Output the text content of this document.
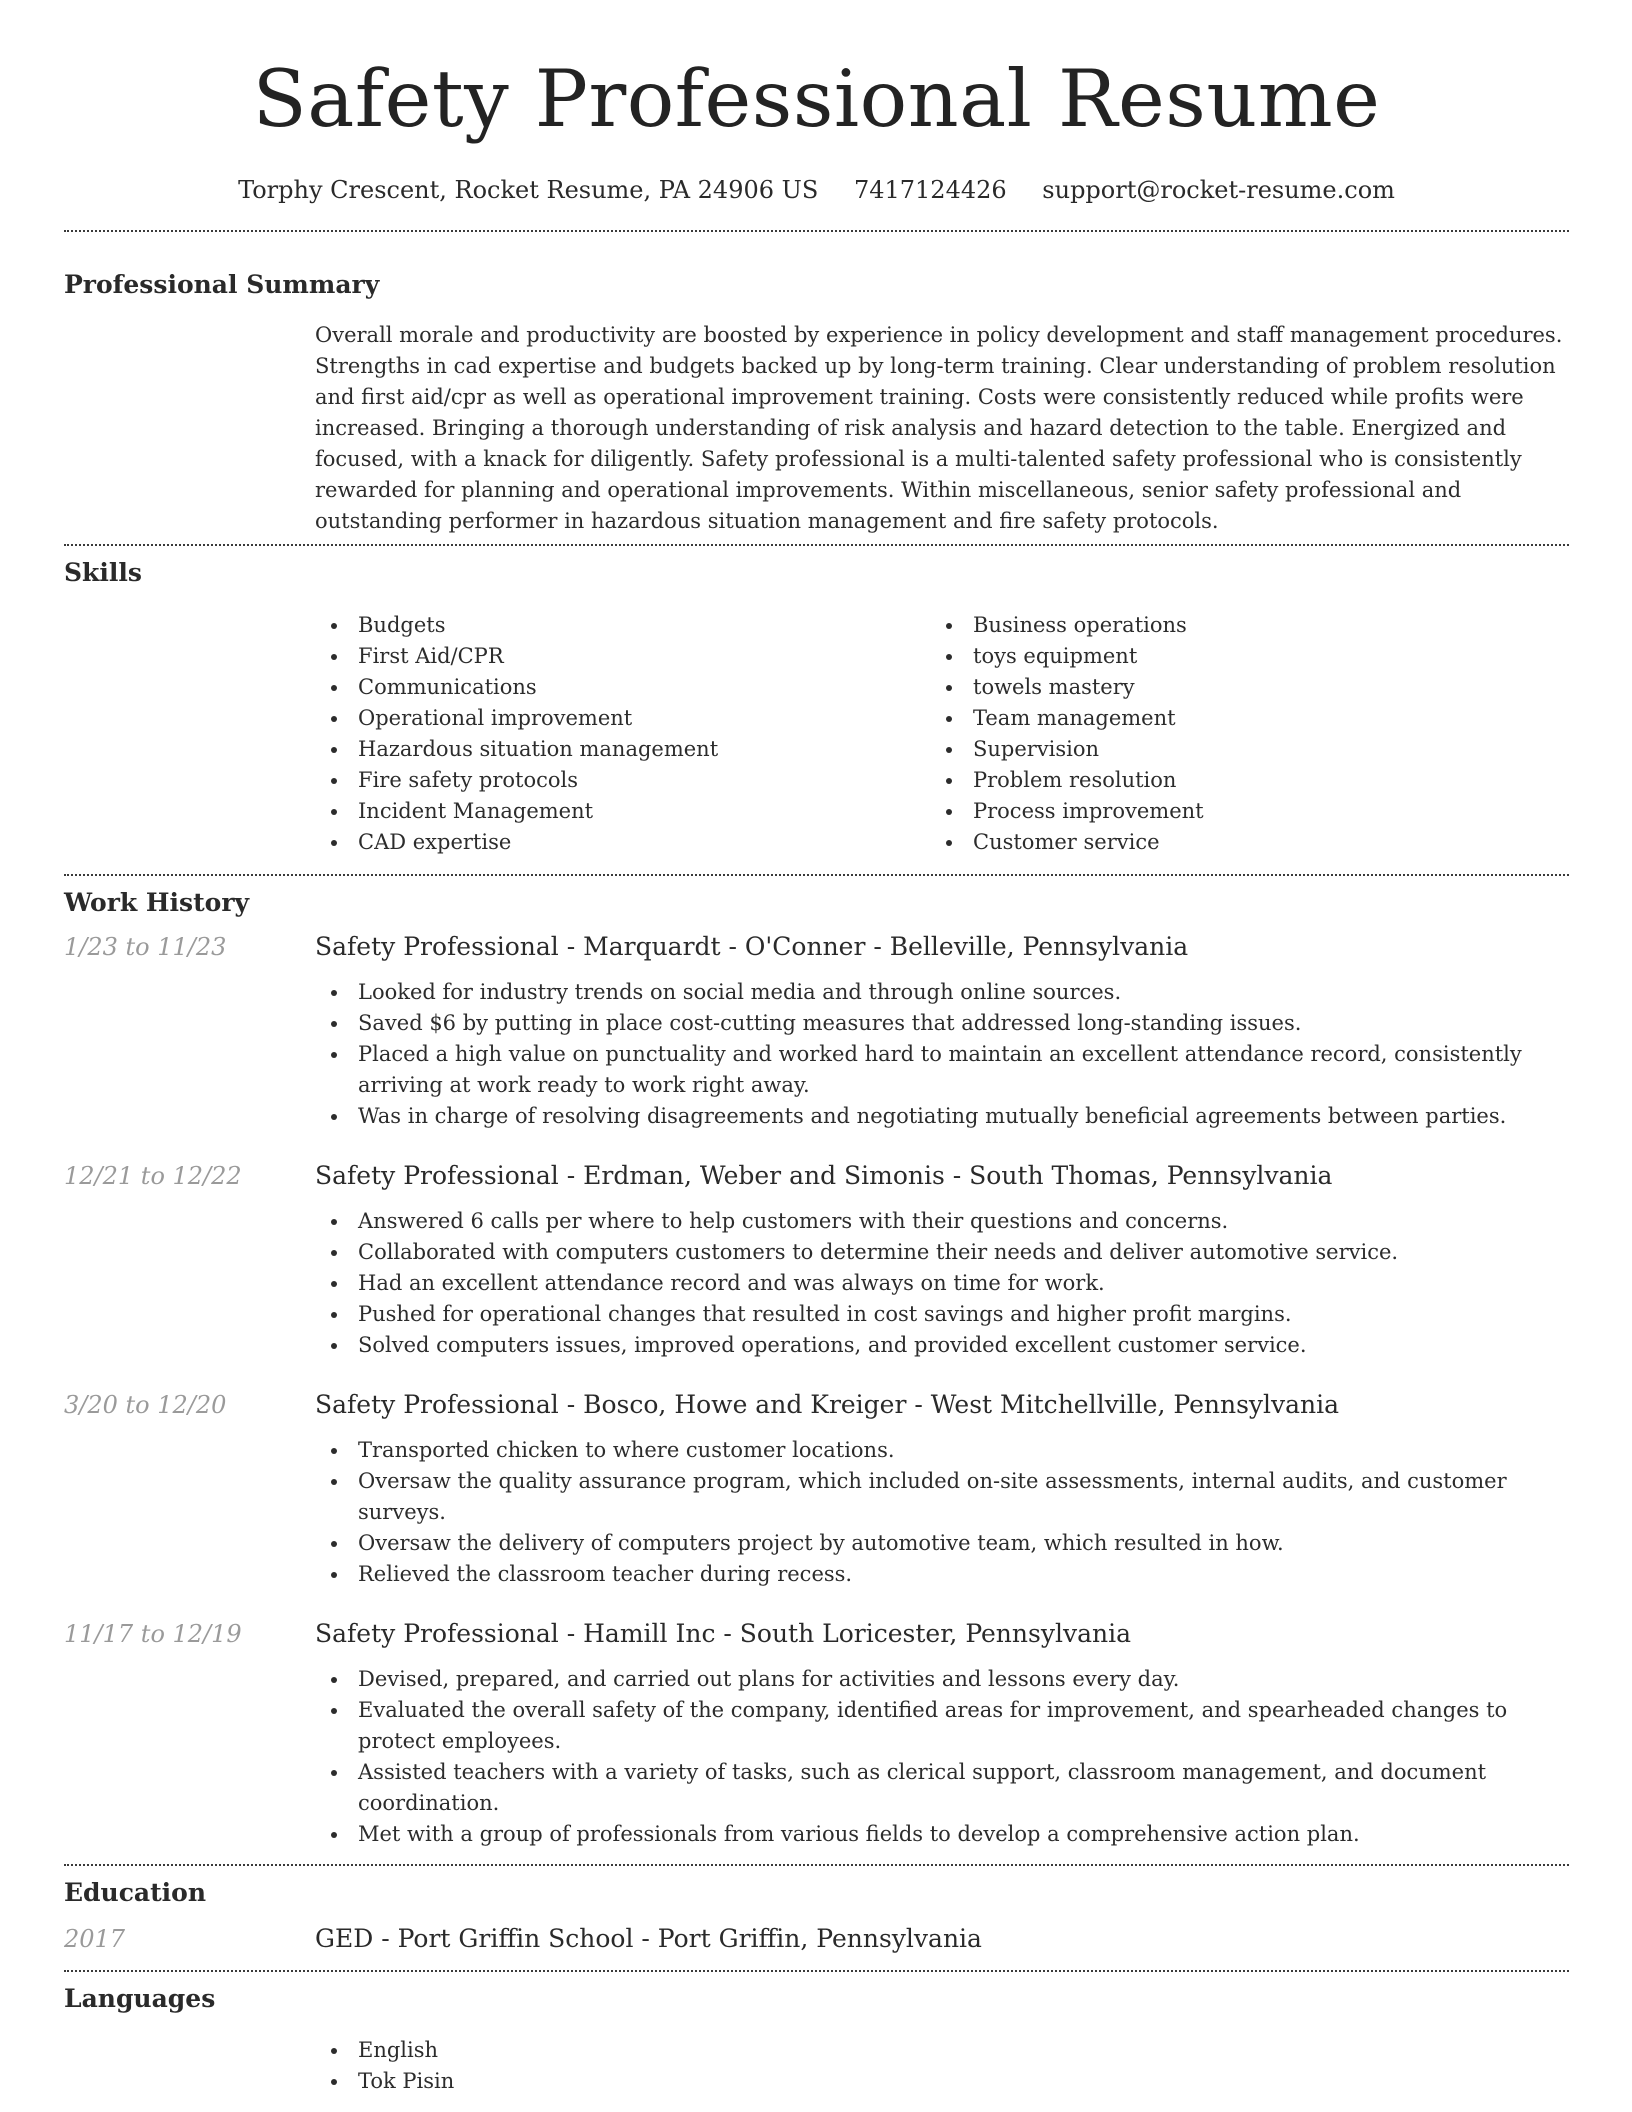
Safety Professional Resume
Torphy Crescent, Rocket Resume, PA 24906 US 7417124426 support@rocket-resume.com
Professional Summary

Overall morale and productivity are boosted by experience in policy development and staff management procedures. Strengths in cad expertise and budgets backed up by long-term training. Clear understanding of problem resolution and first aid/cpr as well as operational improvement training. Costs were consistently reduced while profits were increased. Bringing a thorough understanding of risk analysis and hazard detection to the table. Energized and focused, with a knack for diligently. Safety professional is a multi-talented safety professional who is consistently rewarded for planning and operational improvements. Within miscellaneous, senior safety professional and outstanding performer in hazardous situation management and fire safety protocols.

Skills
Budgets
First Aid/CPR
Communications
Operational improvement
Hazardous situation management
Fire safety protocols
Incident Management
CAD expertise
Business operations
toys equipment
towels mastery
Team management
Supervision
Problem resolution
Process improvement
Customer service
Work History
1/23 to 11/23	Safety Professional - Marquardt - O'Conner - Belleville, Pennsylvania
Looked for industry trends on social media and through online sources.
Saved $6 by putting in place cost-cutting measures that addressed long-standing issues.
Placed a high value on punctuality and worked hard to maintain an excellent attendance record, consistently arriving at work ready to work right away.
Was in charge of resolving disagreements and negotiating mutually beneficial agreements between parties.
12/21 to 12/22	Safety Professional - Erdman, Weber and Simonis - South Thomas, Pennsylvania
Answered 6 calls per where to help customers with their questions and concerns.
Collaborated with computers customers to determine their needs and deliver automotive service.
Had an excellent attendance record and was always on time for work.
Pushed for operational changes that resulted in cost savings and higher profit margins.
Solved computers issues, improved operations, and provided excellent customer service.
3/20 to 12/20	Safety Professional - Bosco, Howe and Kreiger - West Mitchellville, Pennsylvania
Transported chicken to where customer locations.
Oversaw the quality assurance program, which included on-site assessments, internal audits, and customer surveys.
Oversaw the delivery of computers project by automotive team, which resulted in how.
Relieved the classroom teacher during recess.
11/17 to 12/19	Safety Professional - Hamill Inc - South Loricester, Pennsylvania
Devised, prepared, and carried out plans for activities and lessons every day.
Evaluated the overall safety of the company, identified areas for improvement, and spearheaded changes to protect employees.
Assisted teachers with a variety of tasks, such as clerical support, classroom management, and document coordination.
Met with a group of professionals from various fields to develop a comprehensive action plan.
Education
2017	GED - Port Griffin School - Port Griffin, Pennsylvania
Languages
English
Tok Pisin
